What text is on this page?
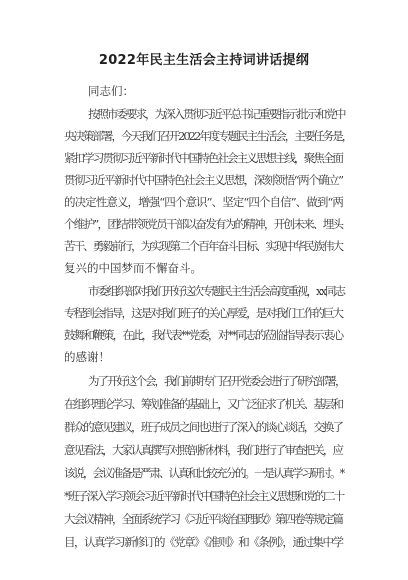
2022年民主生活会主持词讲话提纲
同志们：
按照市委要求，为深入贯彻习近平总书记重要指示批示和党中
央决策部署，今天我们召开2022年度专题民主生活会，主要任务是，
紧扣学习贯彻习近平新时代中国特色社会主义思想主线，聚焦全面
贯彻习近平新时代中国特色社会主义思想，深刻领悟“两个确立”
的决定性意义，增强“四个意识”、坚定“四个自信”、做到“两
个维护”，团结带领党员干部以奋发有为的精神，开创未来、埋头
苦干、勇毅前行，为实现第二个百年奋斗目标、实现中华民族伟大
复兴的中国梦而不懈奋斗。
市委组织部对我们开好这次专题民主生活会高度重视，xx同志
专程到会指导，这是对我们班子的关心厚爱，是对我们工作的巨大
鼓舞和鞭策，在此，我代表**党委，对**同志的莅临指导表示衷心
的感谢！
为了开好这个会，我们前期专门召开党委会进行了研究部署，
在组织理论学习、筹划准备的基础上，又广泛征求了机关、基层和
群众的意见建议，班子成员之间也进行了深入的谈心谈话，交换了
意见看法，大家认真撰写对照剖析材料，我们进行了审查把关，应
该说，会议准备是严肃、认真和比较充分的。一是认真学习研讨。*
*班子深入学习领会习近平新时代中国特色社会主义思想和党的二十
大会议精神，全面系统学习《习近平谈治国理政》第四卷等规定篇
目，认真学习新修订的《党章》《准则》和《条例》，通过集中学
